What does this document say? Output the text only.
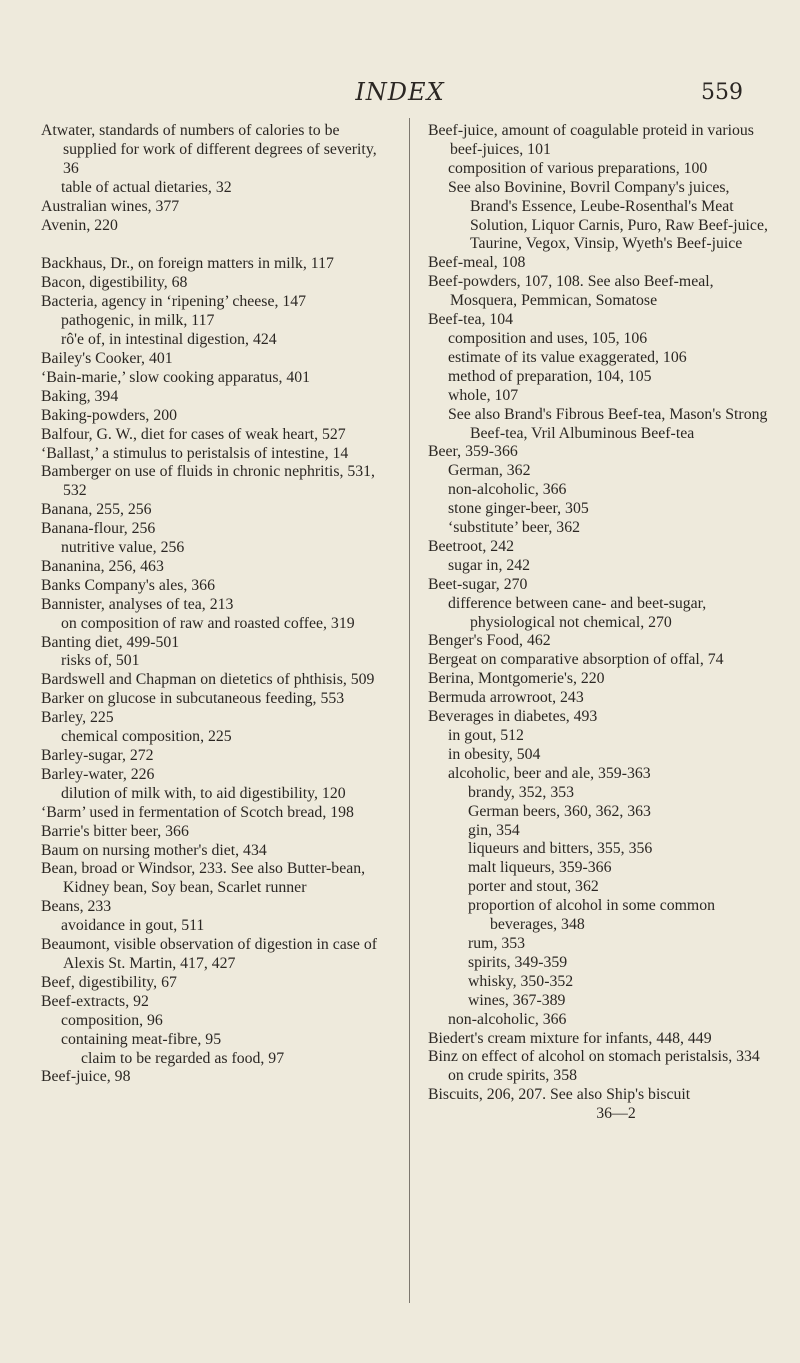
INDEX	559
Atwater, standards of numbers of calories to be supplied for work of different degrees of severity, 36
table of actual dietaries, 32
Australian wines, 377
Avenin, 220
Backhaus, Dr., on foreign matters in milk, 117
Bacon, digestibility, 68
Bacteria, agency in ‘ripening’ cheese, 147
pathogenic, in milk, 117
rô'e of, in intestinal digestion, 424
Bailey's Cooker, 401
‘Bain-marie,’ slow cooking apparatus, 401
Baking, 394
Baking-powders, 200
Balfour, G. W., diet for cases of weak heart, 527
‘Ballast,’ a stimulus to peristalsis of intestine, 14
Bamberger on use of fluids in chronic nephritis, 531, 532
Banana, 255, 256
Banana-flour, 256
nutritive value, 256
Bananina, 256, 463
Banks Company's ales, 366
Bannister, analyses of tea, 213
on composition of raw and roasted coffee, 319
Banting diet, 499-501
risks of, 501
Bardswell and Chapman on dietetics of phthisis, 509
Barker on glucose in subcutaneous feeding, 553
Barley, 225
chemical composition, 225
Barley-sugar, 272
Barley-water, 226
dilution of milk with, to aid digestibility, 120
‘Barm’ used in fermentation of Scotch bread, 198
Barrie's bitter beer, 366
Baum on nursing mother's diet, 434
Bean, broad or Windsor, 233. See also Butter-bean, Kidney bean, Soy bean, Scarlet runner
Beans, 233
avoidance in gout, 511
Beaumont, visible observation of digestion in case of Alexis St. Martin, 417, 427
Beef, digestibility, 67
Beef-extracts, 92
composition, 96
containing meat-fibre, 95
claim to be regarded as food, 97
Beef-juice, 98
Beef-juice, amount of coagulable proteid in various beef-juices, 101
composition of various preparations, 100
See also Bovinine, Bovril Company's juices, Brand's Essence, Leube-Rosenthal's Meat Solution, Liquor Carnis, Puro, Raw Beef-juice, Taurine, Vegox, Vinsip, Wyeth's Beef-juice
Beef-meal, 108
Beef-powders, 107, 108. See also Beef-meal, Mosquera, Pemmican, Somatose
Beef-tea, 104
composition and uses, 105, 106
estimate of its value exaggerated, 106
method of preparation, 104, 105
whole, 107
See also Brand's Fibrous Beef-tea, Mason's Strong Beef-tea, Vril Albuminous Beef-tea
Beer, 359-366
German, 362
non-alcoholic, 366
stone ginger-beer, 305
‘substitute’ beer, 362
Beetroot, 242
sugar in, 242
Beet-sugar, 270
difference between cane- and beet-sugar, physiological not chemical, 270
Benger's Food, 462
Bergeat on comparative absorption of offal, 74
Berina, Montgomerie's, 220
Bermuda arrowroot, 243
Beverages in diabetes, 493
in gout, 512
in obesity, 504
alcoholic, beer and ale, 359-363
brandy, 352, 353
German beers, 360, 362, 363
gin, 354
liqueurs and bitters, 355, 356
malt liqueurs, 359-366
porter and stout, 362
proportion of alcohol in some common beverages, 348
rum, 353
spirits, 349-359
whisky, 350-352
wines, 367-389
non-alcoholic, 366
Biedert's cream mixture for infants, 448, 449
Binz on effect of alcohol on stomach peristalsis, 334
on crude spirits, 358
Biscuits, 206, 207. See also Ship's biscuit
36—2
